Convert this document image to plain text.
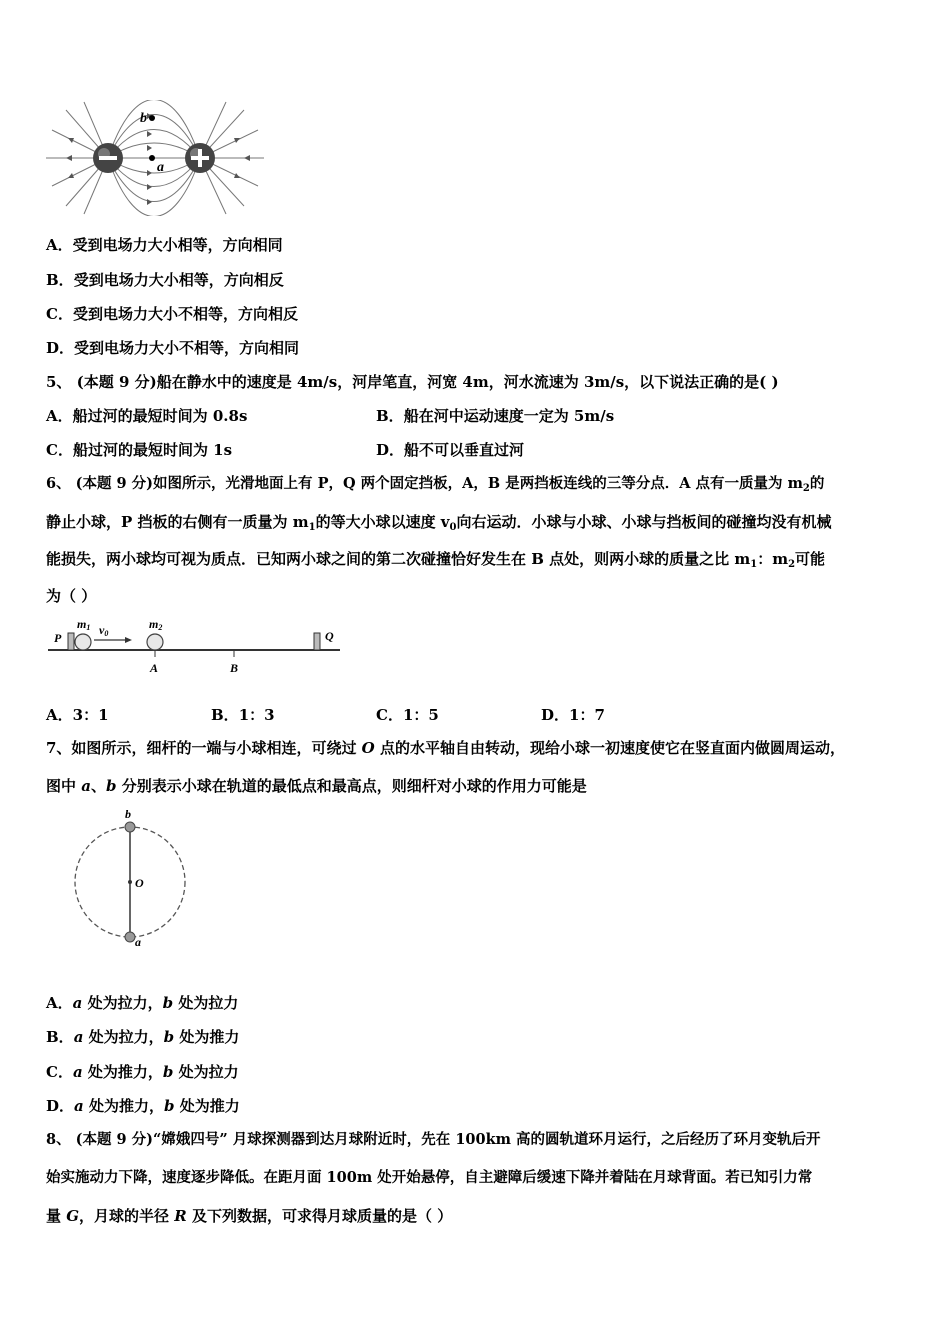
b
a
A．受到电场力大小相等，方向相同
B．受到电场力大小相等，方向相反
C．受到电场力大小不相等，方向相反
D．受到电场力大小不相等，方向相同
5、 (本题 9 分)船在静水中的速度是 4m/s，河岸笔直，河宽 4m，河水流速为 3m/s，以下说法正确的是( )
A．船过河的最短时间为 0.8s	B．船在河中运动速度一定为 5m/s
C．船过河的最短时间为 1s	D．船不可以垂直过河
6、 (本题 9 分)如图所示，光滑地面上有 P，Q 两个固定挡板，A，B 是两挡板连线的三等分点．A 点有一质量为 $m_2$的
静止小球，P 挡板的右侧有一质量为 $m_1$的等大小球以速度 $v_0$向右运动．小球与小球、小球与挡板间的碰撞均没有机械
能损失，两小球均可视为质点．已知两小球之间的第二次碰撞恰好发生在 B 点处，则两小球的质量之比 $m_1$：$m_2$可能
为（ ）
P
m1 v0
m2
Q
A	B
A．3：1	B．1：3	C．1：5	D．1：7
7、如图所示，细杆的一端与小球相连，可绕过 O 点的水平轴自由转动，现给小球一初速度使它在竖直面内做圆周运动，
图中 a、b 分别表示小球在轨道的最低点和最高点，则细杆对小球的作用力可能是
b
O
a
A．a 处为拉力，b 处为拉力
B．a 处为拉力，b 处为推力
C．a 处为推力，b 处为拉力
D．a 处为推力，b 处为推力
8、 (本题 9 分)“嫦娥四号” 月球探测器到达月球附近时，先在 100km 高的圆轨道环月运行，之后经历了环月变轨后开
始实施动力下降，速度逐步降低。在距月面 100m 处开始悬停，自主避障后缓速下降并着陆在月球背面。若已知引力常
量 G，月球的半径 R 及下列数据，可求得月球质量的是（ ）
